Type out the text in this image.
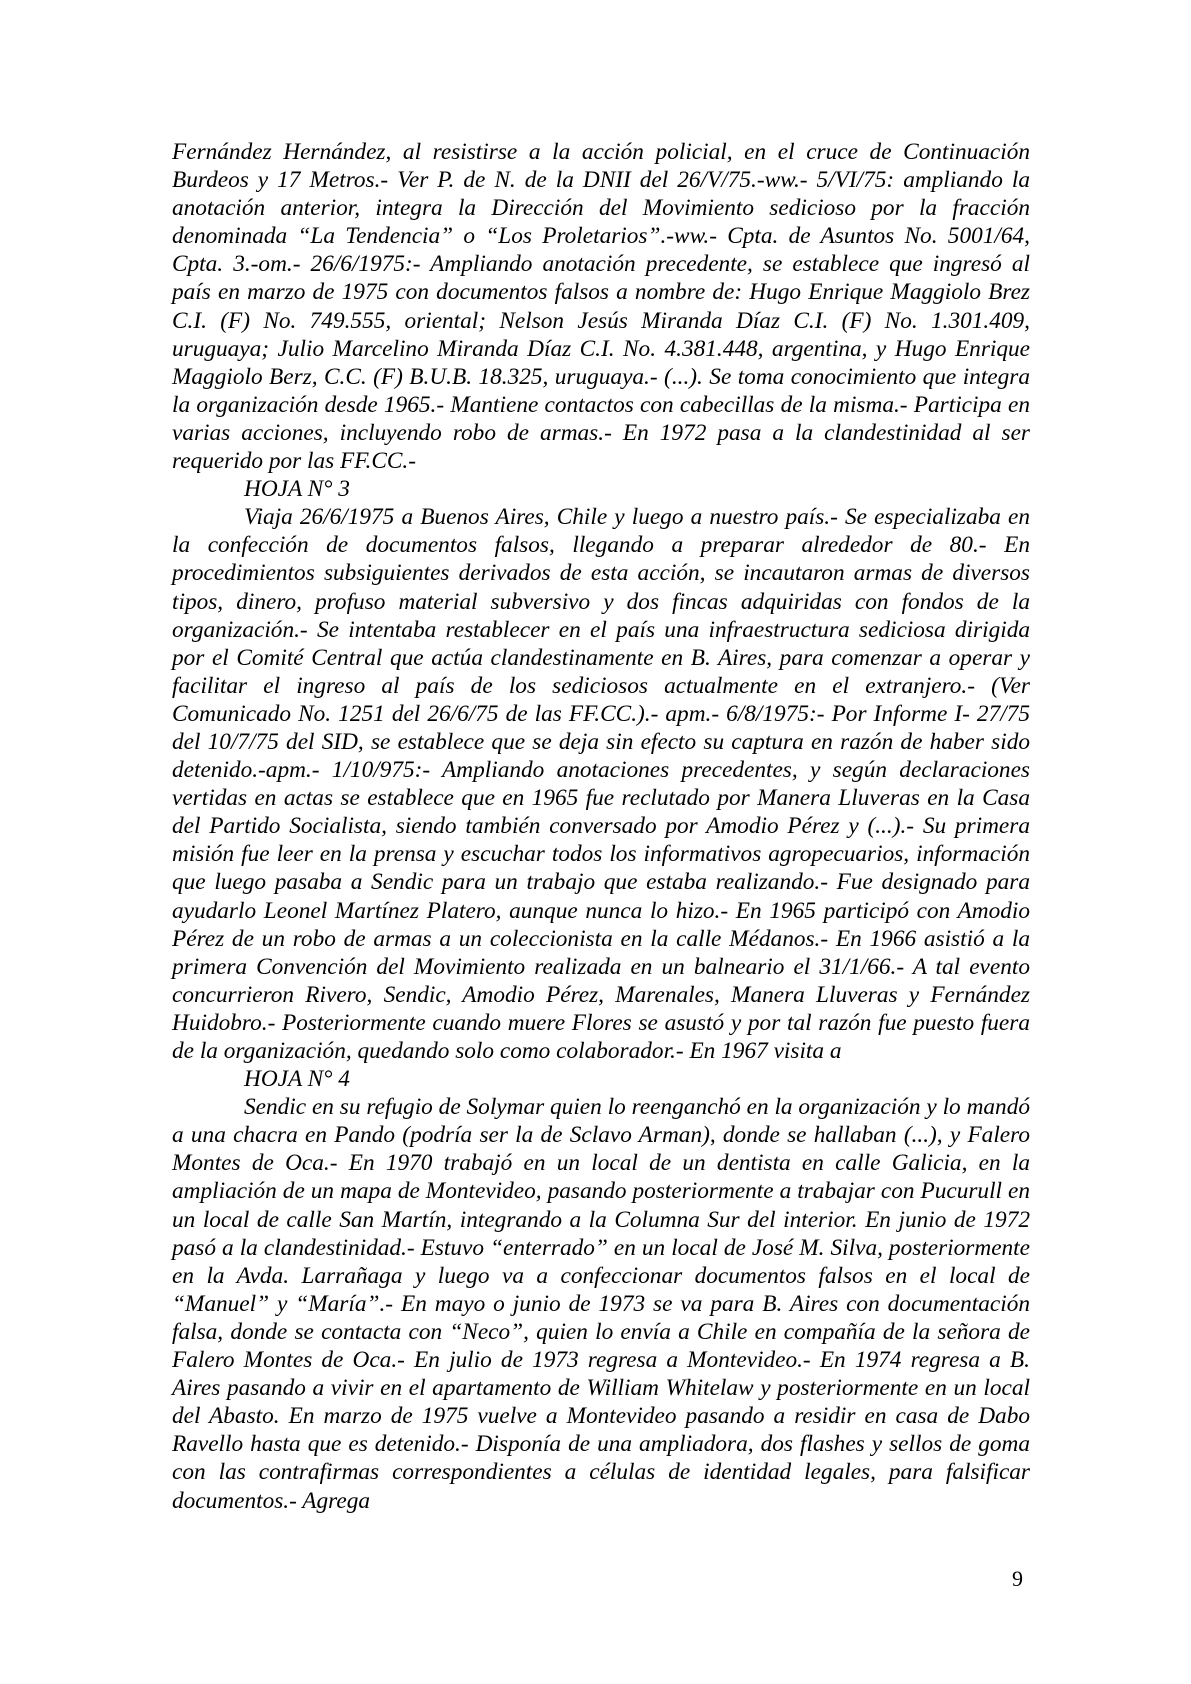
Fernández Hernández, al resistirse a la acción policial, en el cruce de Continuación Burdeos y 17 Metros.- Ver P. de N. de la DNII del 26/V/75.-ww.- 5/VI/75: ampliando la anotación anterior, integra la Dirección del Movimiento sedicioso por la fracción denominada “La Tendencia” o “Los Proletarios”.-ww.- Cpta. de Asuntos No. 5001/64, Cpta. 3.-om.- 26/6/1975:- Ampliando anotación precedente, se establece que ingresó al país en marzo de 1975 con documentos falsos a nombre de: Hugo Enrique Maggiolo Brez C.I. (F) No. 749.555, oriental; Nelson Jesús Miranda Díaz C.I. (F) No. 1.301.409, uruguaya; Julio Marcelino Miranda Díaz C.I. No. 4.381.448, argentina, y Hugo Enrique Maggiolo Berz, C.C. (F) B.U.B. 18.325, uruguaya.- (...). Se toma conocimiento que integra la organización desde 1965.- Mantiene contactos con cabecillas de la misma.- Participa en varias acciones, incluyendo robo de armas.- En 1972 pasa a la clandestinidad al ser requerido por las FF.CC.-

HOJA N° 3

Viaja 26/6/1975 a Buenos Aires, Chile y luego a nuestro país.- Se especializaba en la confección de documentos falsos, llegando a preparar alrededor de 80.- En procedimientos subsiguientes derivados de esta acción, se incautaron armas de diversos tipos, dinero, profuso material subversivo y dos fincas adquiridas con fondos de la organización.- Se intentaba restablecer en el país una infraestructura sediciosa dirigida por el Comité Central que actúa clandestinamente en B. Aires, para comenzar a operar y facilitar el ingreso al país de los sediciosos actualmente en el extranjero.- (Ver Comunicado No. 1251 del 26/6/75 de las FF.CC.).- apm.- 6/8/1975:- Por Informe I- 27/75 del 10/7/75 del SID, se establece que se deja sin efecto su captura en razón de haber sido detenido.-apm.- 1/10/975:- Ampliando anotaciones precedentes, y según declaraciones vertidas en actas se establece que en 1965 fue reclutado por Manera Lluveras en la Casa del Partido Socialista, siendo también conversado por Amodio Pérez y (...).- Su primera misión fue leer en la prensa y escuchar todos los informativos agropecuarios, información que luego pasaba a Sendic para un trabajo que estaba realizando.- Fue designado para ayudarlo Leonel Martínez Platero, aunque nunca lo hizo.- En 1965 participó con Amodio Pérez de un robo de armas a un coleccionista en la calle Médanos.- En 1966 asistió a la primera Convención del Movimiento realizada en un balneario el 31/1/66.- A tal evento concurrieron Rivero, Sendic, Amodio Pérez, Marenales, Manera Lluveras y Fernández Huidobro.- Posteriormente cuando muere Flores se asustó y por tal razón fue puesto fuera de la organización, quedando solo como colaborador.- En 1967 visita a

HOJA N° 4

Sendic en su refugio de Solymar quien lo reenganchó en la organización y lo mandó a una chacra en Pando (podría ser la de Sclavo Arman), donde se hallaban (...), y Falero Montes de Oca.- En 1970 trabajó en un local de un dentista en calle Galicia, en la ampliación de un mapa de Montevideo, pasando posteriormente a trabajar con Pucurull en un local de calle San Martín, integrando a la Columna Sur del interior. En junio de 1972 pasó a la clandestinidad.- Estuvo “enterrado” en un local de José M. Silva, posteriormente en la Avda. Larrañaga y luego va a confeccionar documentos falsos en el local de “Manuel” y “María”.- En mayo o junio de 1973 se va para B. Aires con documentación falsa, donde se contacta con “Neco”, quien lo envía a Chile en compañía de la señora de Falero Montes de Oca.- En julio de 1973 regresa a Montevideo.- En 1974 regresa a B. Aires pasando a vivir en el apartamento de William Whitelaw y posteriormente en un local del Abasto. En marzo de 1975 vuelve a Montevideo pasando a residir en casa de Dabo Ravello hasta que es detenido.- Disponía de una ampliadora, dos flashes y sellos de goma con las contrafirmas correspondientes a células de identidad legales, para falsificar documentos.- Agrega

9
